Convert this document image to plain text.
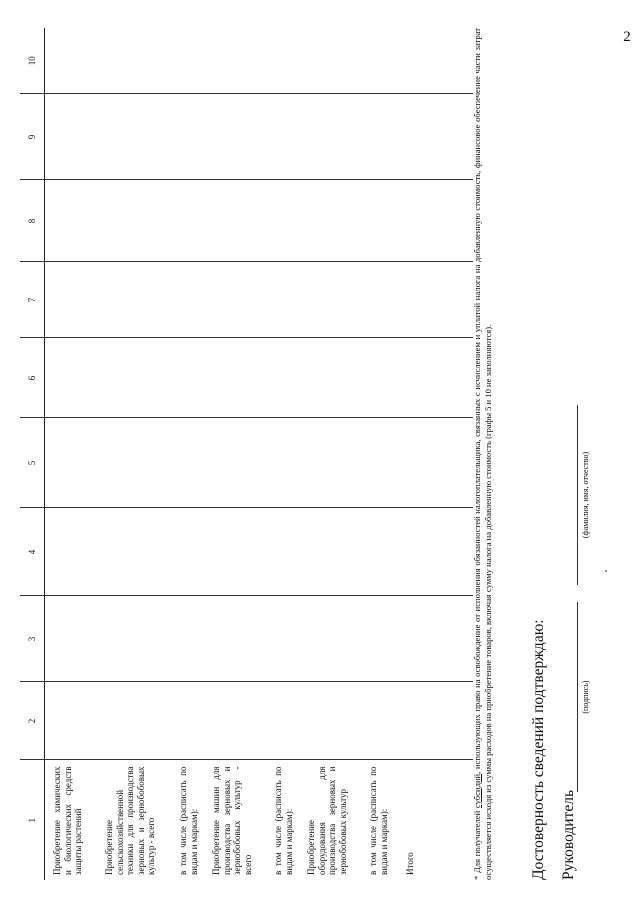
2
1	2	3	4	5	6	7	8	9	10
Приобретение химических и биологических средств защиты растений									
Приобретение сельскохозяйственной техники для производства зерновых и зернобобовых культур - всего									
в том числе (расписать по видам и маркам):									
Приобретение машин для производства зерновых и зернобобовых культур - всего									
в том числе (расписать по видам и маркам):									
Приобретение оборудования для производства зерновых и зернобобовых культур									
в том числе (расписать по видам и маркам):									
Итого									
										* Для получателей субсидий, использующих право на освобождение от исполнения обязанностей налогоплательщика, связанных с исчислением и уплатой налога на добавленную стоимость, финансовое обеспечение части затрат осуществляется исходя из суммы расходов на приобретение товаров, включая сумму налога на добавленную стоимость (графы 5 и 10 не заполняются). Достоверность сведений подтверждаю: Руководитель
(подпись)
(фамилия, имя, отчество)
